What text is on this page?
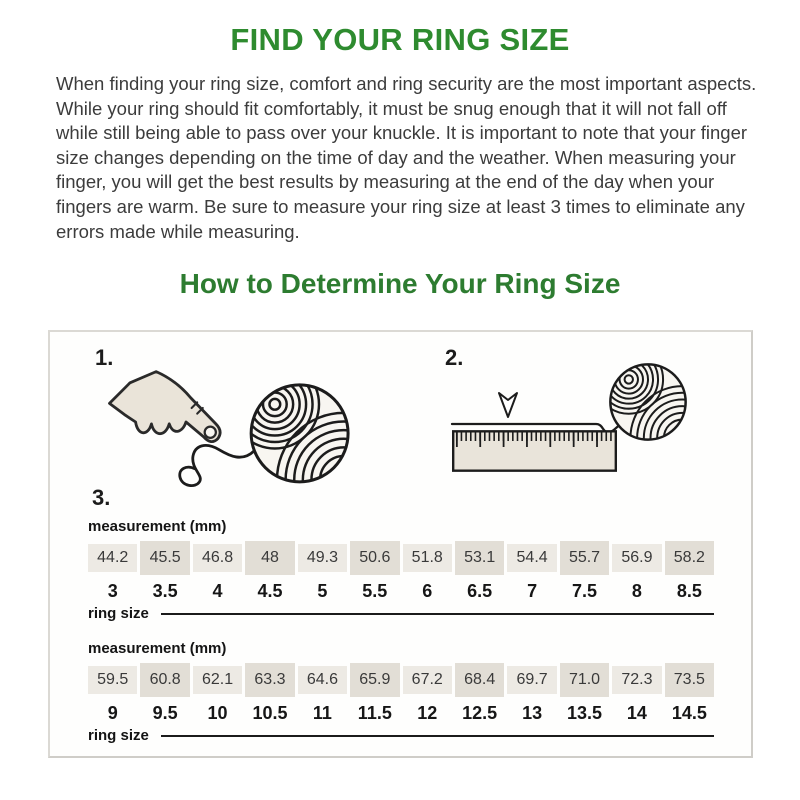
FIND YOUR RING SIZE
When finding your ring size, comfort and ring security are the most important aspects. While your ring should fit comfortably, it must be snug enough that it will not fall off while still being able to pass over your knuckle. It is important to note that your finger size changes depending on the time of day and the weather. When measuring your finger, you will get the best results by measuring at the end of the day when your fingers are warm. Be sure to measure your ring size at least 3 times to eliminate any errors made while measuring.
How to Determine Your Ring Size
1.	2.
3.
measurement (mm)
44.2	45.5	46.8	48	49.3	50.6	51.8	53.1	54.4	55.7	56.9	58.2
3	3.5	4	4.5	5	5.5	6	6.5	7	7.5	8	8.5
ring size
measurement (mm)
59.5	60.8	62.1	63.3	64.6	65.9	67.2	68.4	69.7	71.0	72.3	73.5
9	9.5	10	10.5	11	11.5	12	12.5	13	13.5	14	14.5
ring size
